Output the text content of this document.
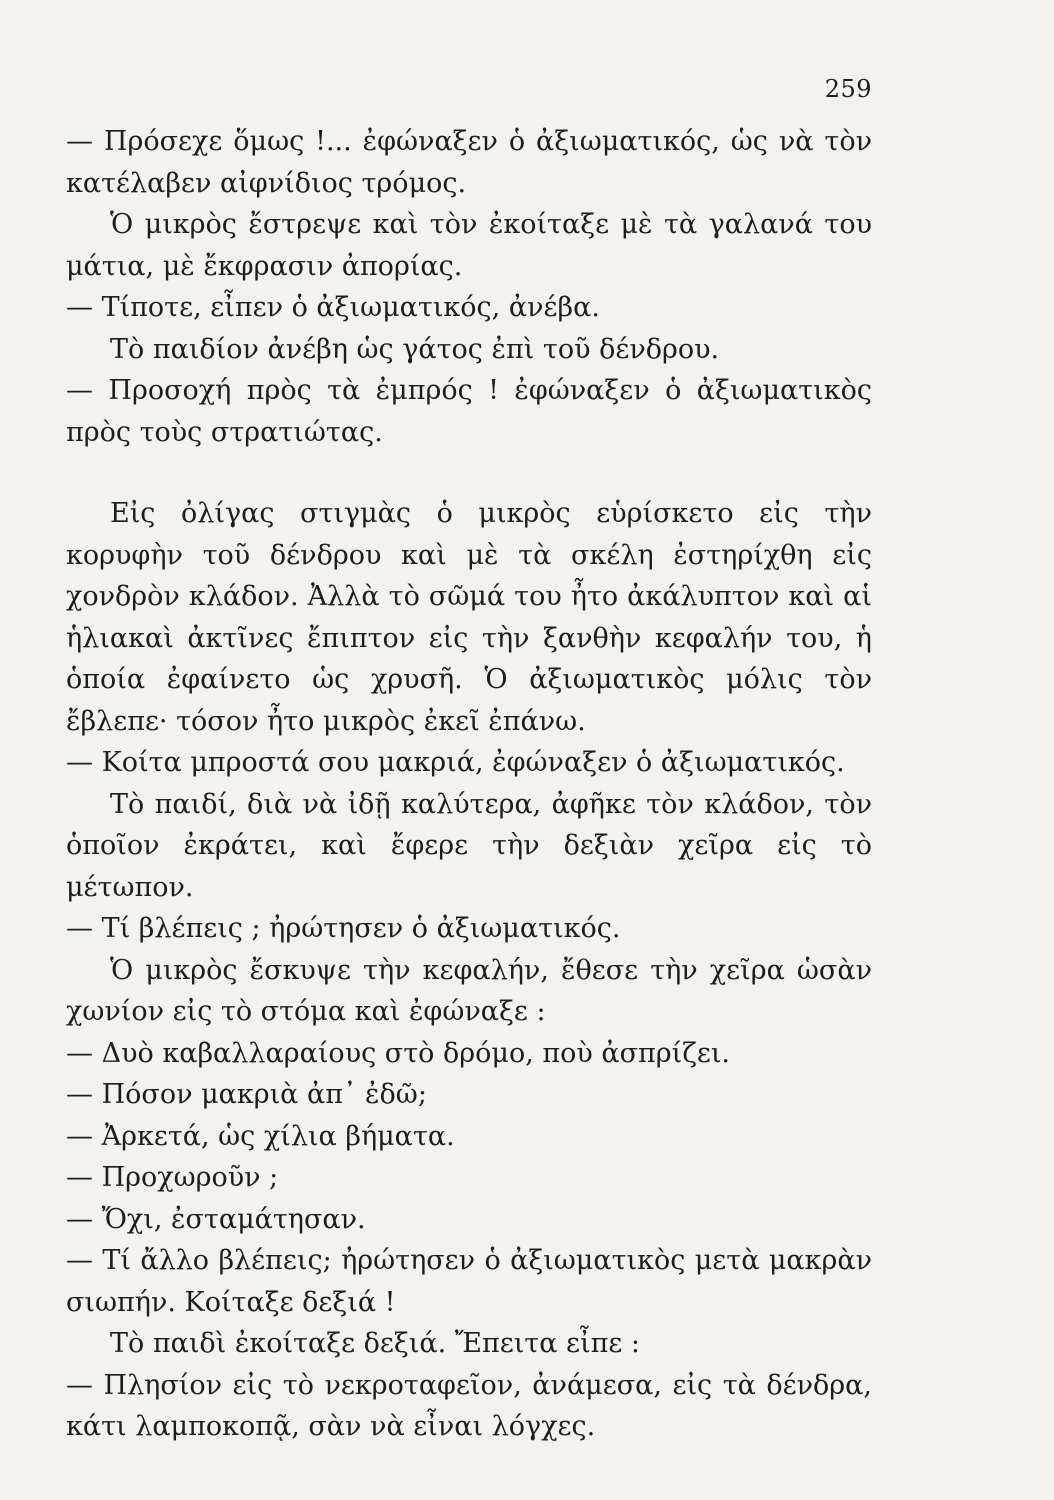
259

— Πρόσεχε ὅμως !... ἐφώναξεν ὁ ἀξιωματικός, ὡς νὰ τὸν κατέλαβεν αἰφνίδιος τρόμος.

Ὁ μικρὸς ἔστρεψε καὶ τὸν ἐκοίταξε μὲ τὰ γαλανά του μάτια, μὲ ἔκφρασιν ἀπορίας.

— Τίποτε, εἶπεν ὁ ἀξιωματικός, ἀνέβα.

Τὸ παιδίον ἀνέβη ὡς γάτος ἐπὶ τοῦ δένδρου.

— Προσοχή πρὸς τὰ ἐμπρός ! ἐφώναξεν ὁ ἀξιωματικὸς πρὸς τοὺς στρατιώτας.

Εἰς ὀλίγας στιγμὰς ὁ μικρὸς εὑρίσκετο εἰς τὴν κορυφὴν τοῦ δένδρου καὶ μὲ τὰ σκέλη ἐστηρίχθη εἰς χονδρὸν κλάδον. Ἀλλὰ τὸ σῶμά του ἦτο ἀκάλυπτον καὶ αἱ ἡλιακαὶ ἀκτῖνες ἔπιπτον εἰς τὴν ξανθὴν κεφαλήν του, ἡ ὁποία ἐφαίνετο ὡς χρυσῆ. Ὁ ἀξιωματικὸς μόλις τὸν ἔβλεπε· τόσον ἦτο μικρὸς ἐκεῖ ἐπάνω.

— Κοίτα μπροστά σου μακριά, ἐφώναξεν ὁ ἀξιωματικός.

Τὸ παιδί, διὰ νὰ ἰδῇ καλύτερα, ἀφῆκε τὸν κλάδον, τὸν ὁποῖον ἐκράτει, καὶ ἔφερε τὴν δεξιὰν χεῖρα εἰς τὸ μέτωπον.

— Τί βλέπεις ; ἠρώτησεν ὁ ἀξιωματικός.

Ὁ μικρὸς ἔσκυψε τὴν κεφαλήν, ἔθεσε τὴν χεῖρα ὡσὰν χωνίον εἰς τὸ στόμα καὶ ἐφώναξε :

— Δυὸ καβαλλαραίους στὸ δρόμο, ποὺ ἀσπρίζει.

— Πόσον μακριὰ ἀπ᾽ ἐδῶ;

— Ἀρκετά, ὡς χίλια βήματα.

— Προχωροῦν ;

— Ὄχι, ἐσταμάτησαν.

— Τί ἄλλο βλέπεις; ἠρώτησεν ὁ ἀξιωματικὸς μετὰ μακρὰν σιωπήν. Κοίταξε δεξιά !

Τὸ παιδὶ ἐκοίταξε δεξιά. Ἔπειτα εἶπε :

— Πλησίον εἰς τὸ νεκροταφεῖον, ἀνάμεσα, εἰς τὰ δένδρα, κάτι λαμποκοπᾷ, σὰν νὰ εἶναι λόγχες.
